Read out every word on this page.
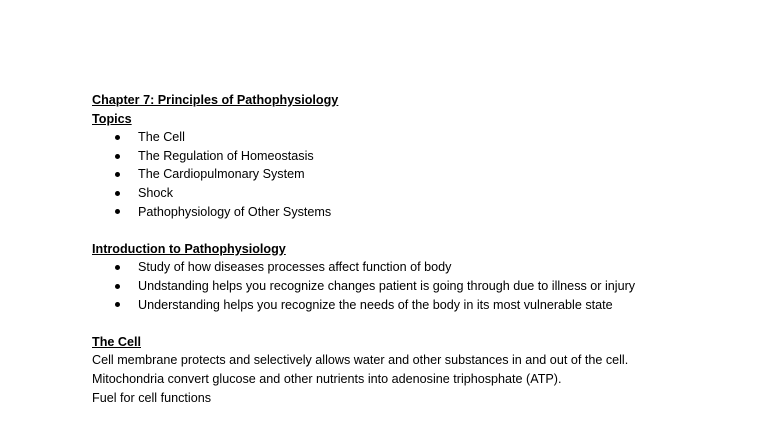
Chapter 7: Principles of Pathophysiology

Topics

The Cell
The Regulation of Homeostasis
The Cardiopulmonary System
Shock
Pathophysiology of Other Systems

Introduction to Pathophysiology

Study of how diseases processes affect function of body
Undstanding helps you recognize changes patient is going through due to illness or injury
Understanding helps you recognize the needs of the body in its most vulnerable state

The Cell

Cell membrane protects and selectively allows water and other substances in and out of the cell.

Mitochondria convert glucose and other nutrients into adenosine triphosphate (ATP).

Fuel for cell functions
